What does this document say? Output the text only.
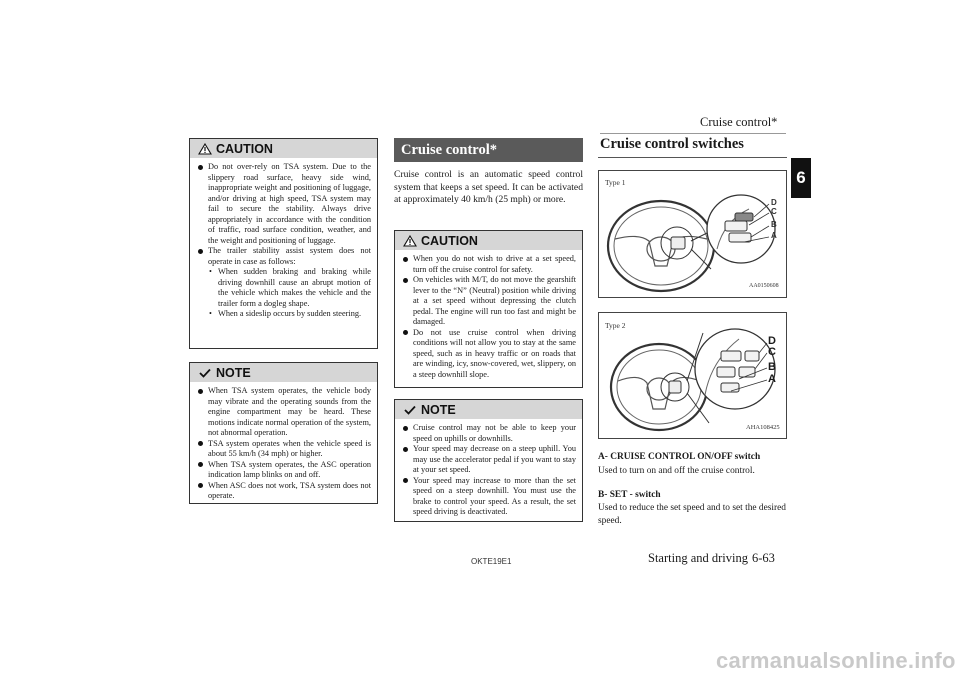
Cruise control*
6
CAUTION
Do not over-rely on TSA system. Due to the slippery road surface, heavy side wind, inappropriate weight and positioning of luggage, and/or driving at high speed, TSA system may fail to secure the stability. Always drive appropriately in accordance with the condition of traffic, road surface condition, weather, and the weight and positioning of luggage.
The trailer stability assist system does not operate in case as follows:
• When sudden braking and braking while driving downhill cause an abrupt motion of the vehicle which makes the vehicle and the trailer form a dogleg shape.
• When a sideslip occurs by sudden steering.
NOTE
When TSA system operates, the vehicle body may vibrate and the operating sounds from the engine compartment may be heard. These motions indicate normal operation of the system, not abnormal operation.
TSA system operates when the vehicle speed is about 55 km/h (34 mph) or higher.
When TSA system operates, the ASC operation indication lamp blinks on and off.
When ASC does not work, TSA system does not operate.
Cruise control*
Cruise control is an automatic speed control system that keeps a set speed. It can be activated at approximately 40 km/h (25 mph) or more.
CAUTION
When you do not wish to drive at a set speed, turn off the cruise control for safety.
On vehicles with M/T, do not move the gearshift lever to the “N” (Neutral) position while driving at a set speed without depressing the clutch pedal. The engine will run too fast and might be damaged.
Do not use cruise control when driving conditions will not allow you to stay at the same speed, such as in heavy traffic or on roads that are winding, icy, snow-covered, wet, slippery, on a steep downhill slope.
NOTE
Cruise control may not be able to keep your speed on uphills or downhills.
Your speed may decrease on a steep uphill. You may use the accelerator pedal if you want to stay at your set speed.
Your speed may increase to more than the set speed on a steep downhill. You must use the brake to control your speed. As a result, the set speed driving is deactivated.
Cruise control switches
Type 1
D
C
B
A
AA0150608
Type 2
D
C
B
A
AHA108425
A- CRUISE CONTROL ON/OFF switch
Used to turn on and off the cruise control.
B- SET - switch
Used to reduce the set speed and to set the desired speed.
OKTE19E1	Starting and driving 6-63
carmanualsonline.info
